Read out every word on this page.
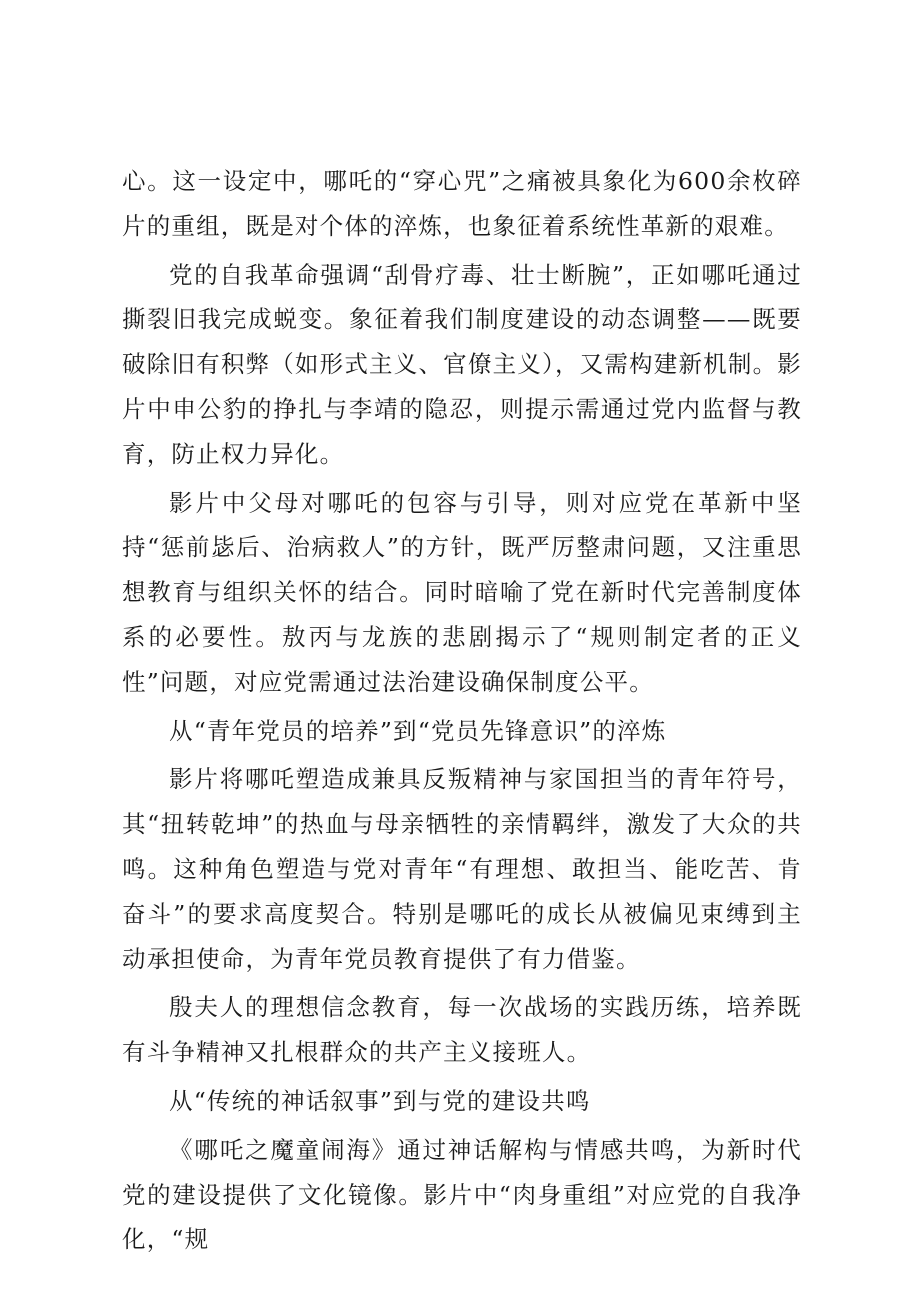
心。这一设定中，哪吒的“穿心咒”之痛被具象化为600余枚碎片的重组，既是对个体的淬炼，也象征着系统性革新的艰难。

党的自我革命强调“刮骨疗毒、壮士断腕”，正如哪吒通过撕裂旧我完成蜕变。象征着我们制度建设的动态调整——既要破除旧有积弊（如形式主义、官僚主义），又需构建新机制。影片中申公豹的挣扎与李靖的隐忍，则提示需通过党内监督与教育，防止权力异化。

影片中父母对哪吒的包容与引导，则对应党在革新中坚持“惩前毖后、治病救人”的方针，既严厉整肃问题，又注重思想教育与组织关怀的结合。同时暗喻了党在新时代完善制度体系的必要性。敖丙与龙族的悲剧揭示了“规则制定者的正义性”问题，对应党需通过法治建设确保制度公平。

从“青年党员的培养”到“党员先锋意识”的淬炼

影片将哪吒塑造成兼具反叛精神与家国担当的青年符号，其“扭转乾坤”的热血与母亲牺牲的亲情羁绊，激发了大众的共鸣。这种角色塑造与党对青年“有理想、敢担当、能吃苦、肯奋斗”的要求高度契合。特别是哪吒的成长从被偏见束缚到主动承担使命，为青年党员教育提供了有力借鉴。

殷夫人的理想信念教育，每一次战场的实践历练，培养既有斗争精神又扎根群众的共产主义接班人。

从“传统的神话叙事”到与党的建设共鸣

《哪吒之魔童闹海》通过神话解构与情感共鸣，为新时代党的建设提供了文化镜像。影片中“肉身重组”对应党的自我净化，“规
